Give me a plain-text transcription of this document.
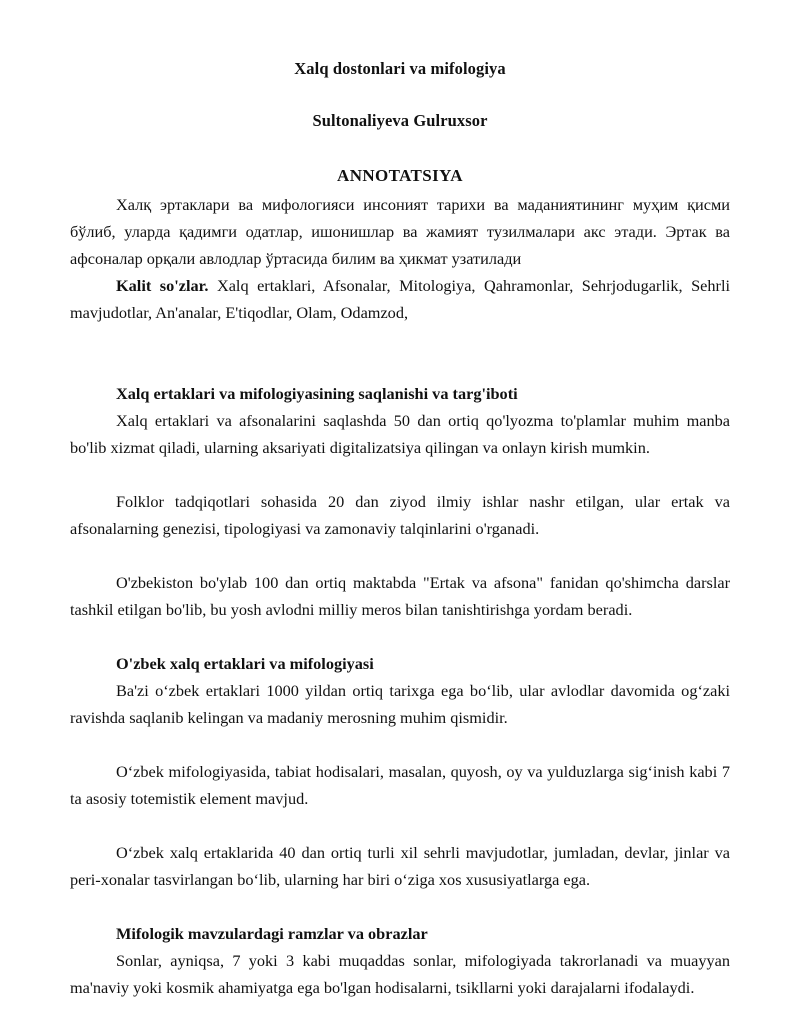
Xalq dostonlari va mifologiya
Sultonaliyeva Gulruxsor
ANNOTATSIYA

Халқ эртаклари ва мифологияси инсоният тарихи ва маданиятининг муҳим қисми бўлиб, уларда қадимги одатлар, ишонишлар ва жамият тузилмалари акс этади. Эртак ва афсоналар орқали авлодлар ўртасида билим ва ҳикмат узатилади

Kalit so'zlar. Xalq ertaklari, Afsonalar, Mitologiya, Qahramonlar, Sehrjodugarlik, Sehrli mavjudotlar, An'analar, E'tiqodlar, Olam, Odamzod,

Xalq ertaklari va mifologiyasining saqlanishi va targ'iboti

Xalq ertaklari va afsonalarini saqlashda 50 dan ortiq qo'lyozma to'plamlar muhim manba bo'lib xizmat qiladi, ularning aksariyati digitalizatsiya qilingan va onlayn kirish mumkin.

Folklor tadqiqotlari sohasida 20 dan ziyod ilmiy ishlar nashr etilgan, ular ertak va afsonalarning genezisi, tipologiyasi va zamonaviy talqinlarini o'rganadi.

O'zbekiston bo'ylab 100 dan ortiq maktabda "Ertak va afsona" fanidan qo'shimcha darslar tashkil etilgan bo'lib, bu yosh avlodni milliy meros bilan tanishtirishga yordam beradi.

O'zbek xalq ertaklari va mifologiyasi

Ba'zi o‘zbek ertaklari 1000 yildan ortiq tarixga ega bo‘lib, ular avlodlar davomida og‘zaki ravishda saqlanib kelingan va madaniy merosning muhim qismidir.

O‘zbek mifologiyasida, tabiat hodisalari, masalan, quyosh, oy va yulduzlarga sig‘inish kabi 7 ta asosiy totemistik element mavjud.

O‘zbek xalq ertaklarida 40 dan ortiq turli xil sehrli mavjudotlar, jumladan, devlar, jinlar va peri-xonalar tasvirlangan bo‘lib, ularning har biri o‘ziga xos xususiyatlarga ega.

Mifologik mavzulardagi ramzlar va obrazlar

Sonlar, ayniqsa, 7 yoki 3 kabi muqaddas sonlar, mifologiyada takrorlanadi va muayyan ma'naviy yoki kosmik ahamiyatga ega bo'lgan hodisalarni, tsikllarni yoki darajalarni ifodalaydi.
